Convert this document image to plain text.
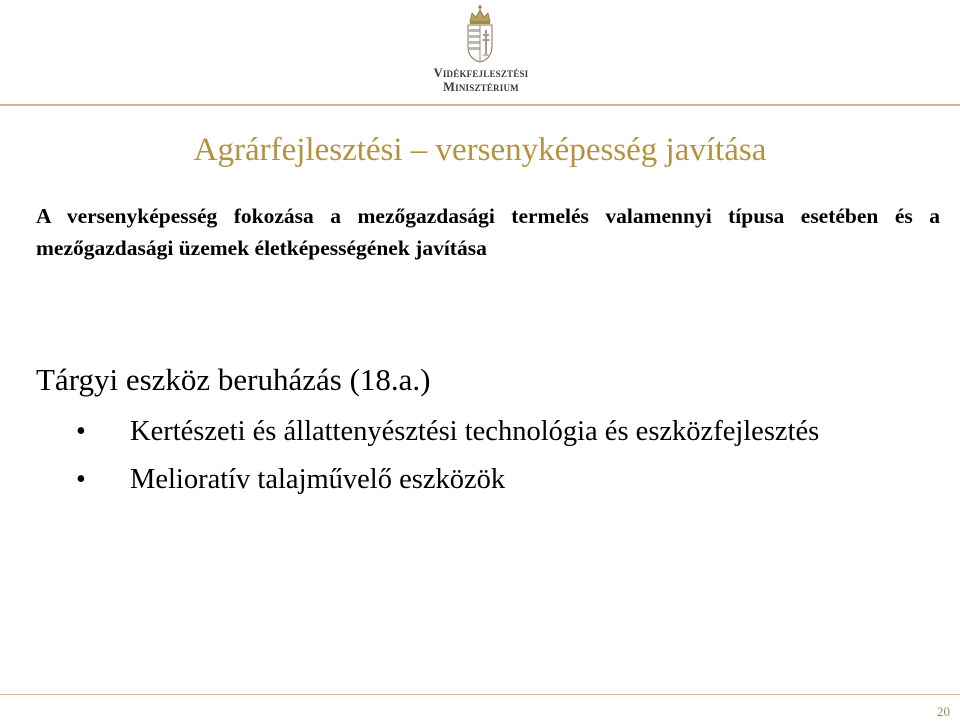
Vidékfejlesztési
Minisztérium
Agrárfejlesztési – versenyképesség javítása

A versenyképesség fokozása a mezőgazdasági termelés valamennyi típusa esetében és a mezőgazdasági üzemek életképességének javítása

Tárgyi eszköz beruházás (18.a.)

• Kertészeti és állattenyésztési technológia és eszközfejlesztés
• Melioratív talajművelő eszközök
20
